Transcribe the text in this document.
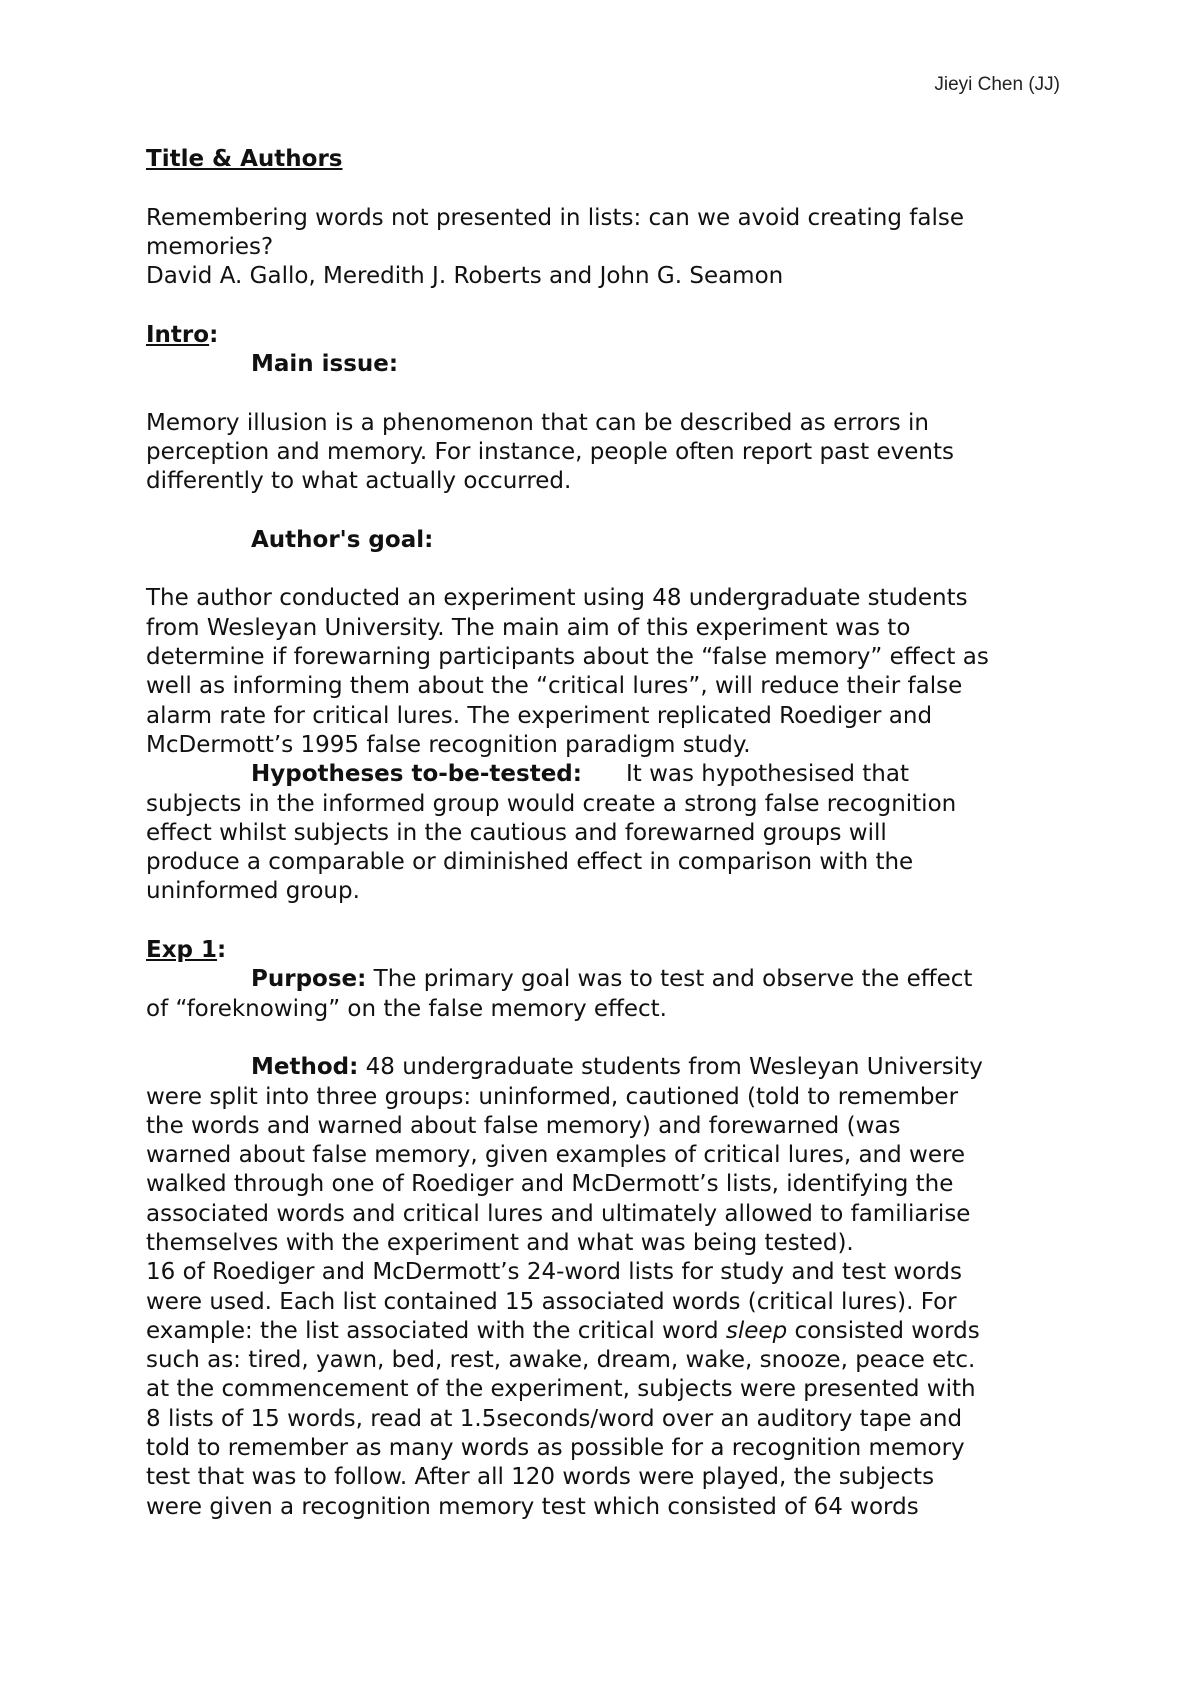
Jieyi Chen (JJ)

Title & Authors

Remembering words not presented in lists: can we avoid creating false

memories?

David A. Gallo, Meredith J. Roberts and John G. Seamon

Intro:

Main issue:

Memory illusion is a phenomenon that can be described as errors in

perception and memory. For instance, people often report past events

differently to what actually occurred.

Author's goal:

The author conducted an experiment using 48 undergraduate students

from Wesleyan University. The main aim of this experiment was to

determine if forewarning participants about the “false memory” effect as

well as informing them about the “critical lures”, will reduce their false

alarm rate for critical lures. The experiment replicated Roediger and

McDermott’s 1995 false recognition paradigm study.

Hypotheses to-be-tested: It was hypothesised that

subjects in the informed group would create a strong false recognition

effect whilst subjects in the cautious and forewarned groups will

produce a comparable or diminished effect in comparison with the

uninformed group.

Exp 1:

Purpose: The primary goal was to test and observe the effect

of “foreknowing” on the false memory effect.

Method: 48 undergraduate students from Wesleyan University

were split into three groups: uninformed, cautioned (told to remember

the words and warned about false memory) and forewarned (was

warned about false memory, given examples of critical lures, and were

walked through one of Roediger and McDermott’s lists, identifying the

associated words and critical lures and ultimately allowed to familiarise

themselves with the experiment and what was being tested).

16 of Roediger and McDermott’s 24-word lists for study and test words

were used. Each list contained 15 associated words (critical lures). For

example: the list associated with the critical word sleep consisted words

such as: tired, yawn, bed, rest, awake, dream, wake, snooze, peace etc.

at the commencement of the experiment, subjects were presented with

8 lists of 15 words, read at 1.5seconds/word over an auditory tape and

told to remember as many words as possible for a recognition memory

test that was to follow. After all 120 words were played, the subjects

were given a recognition memory test which consisted of 64 words
